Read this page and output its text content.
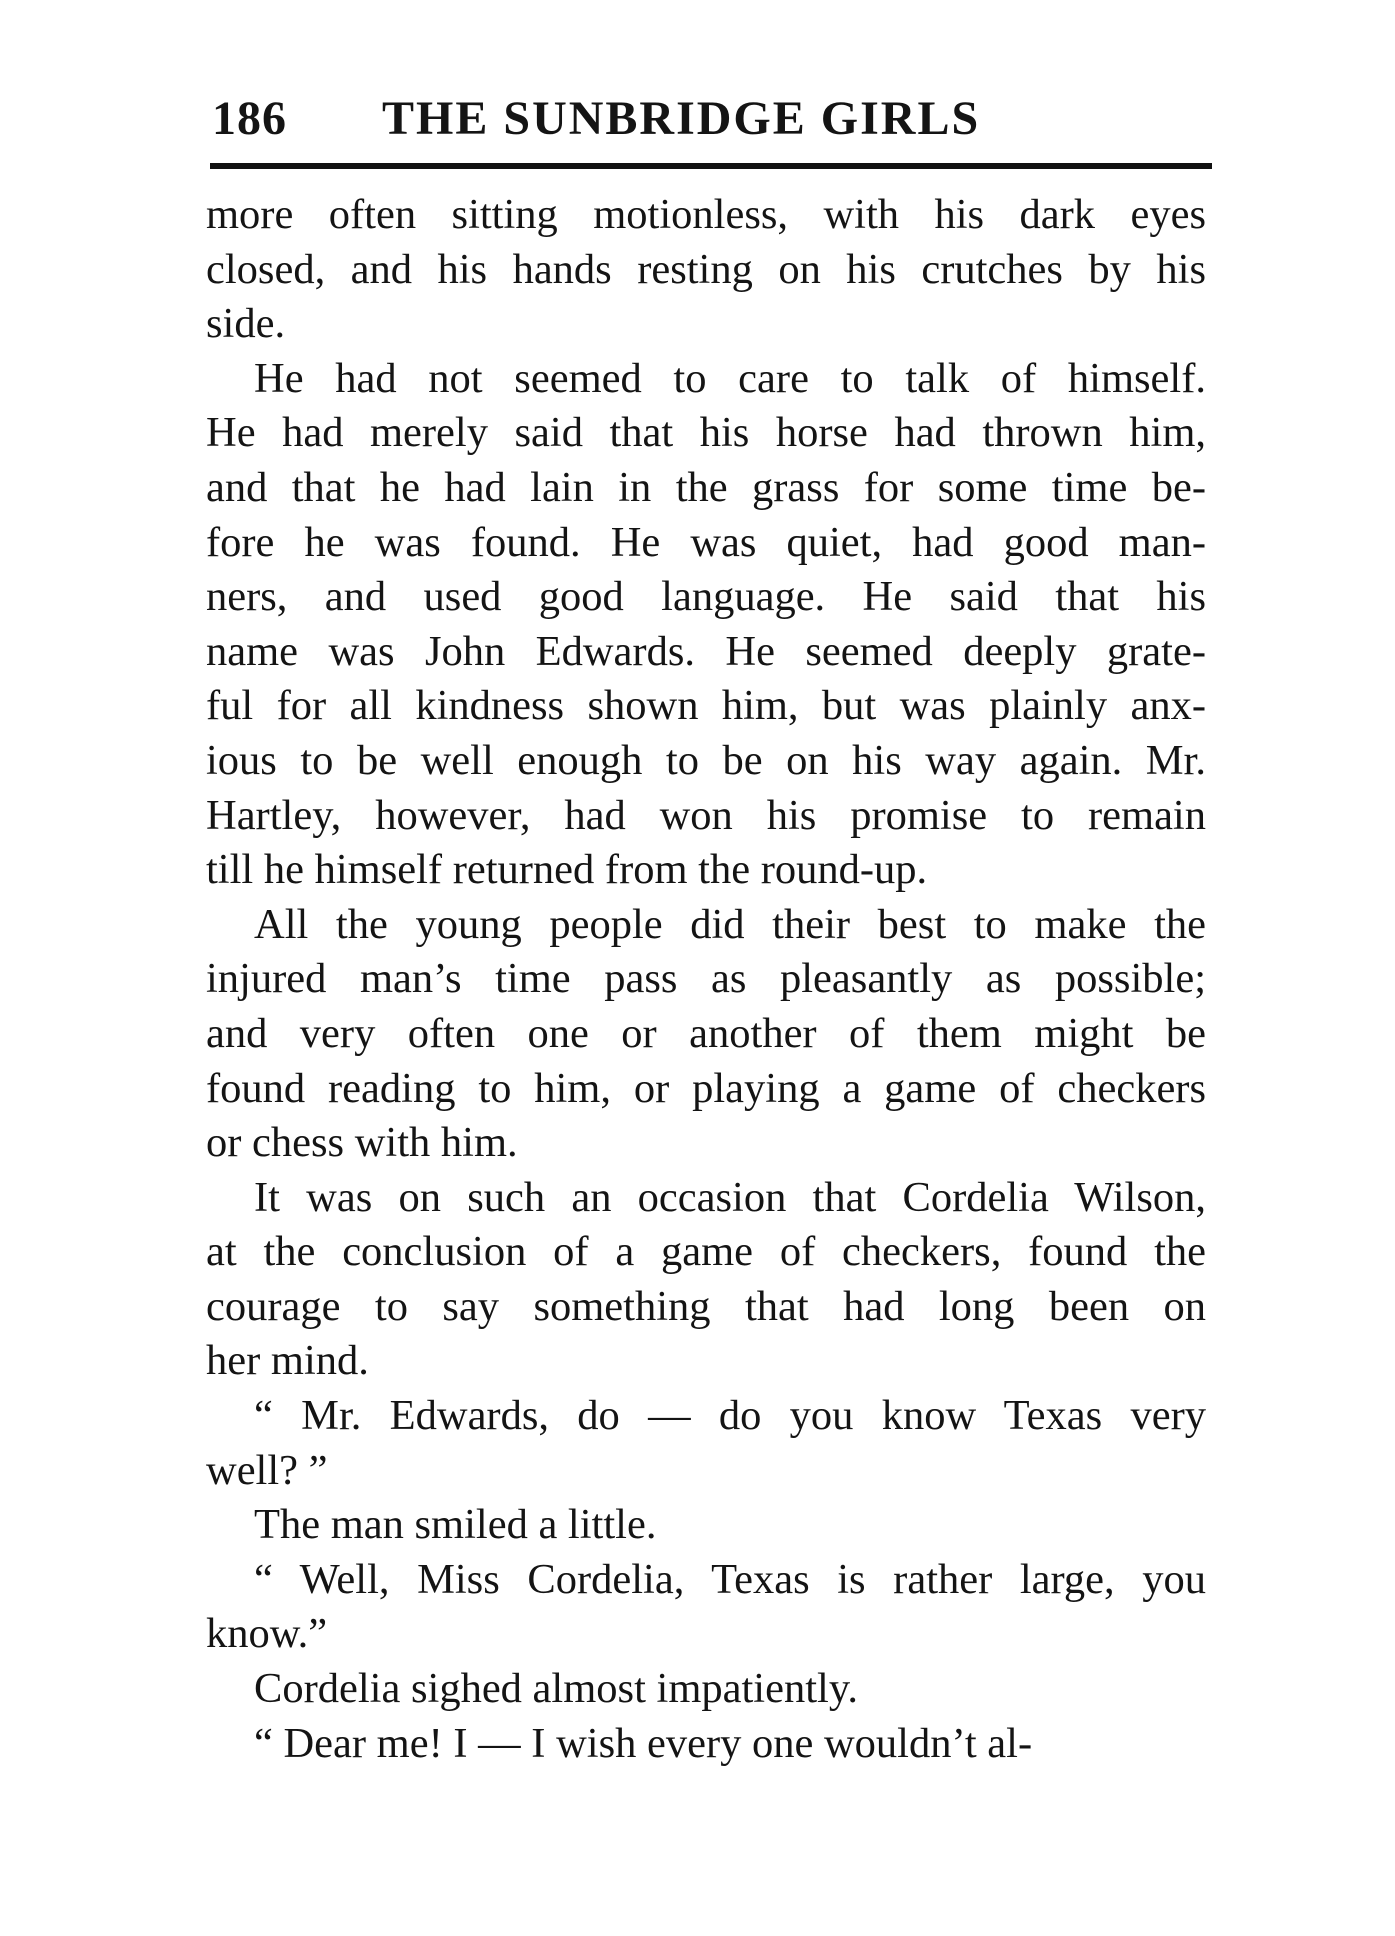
186 THE SUNBRIDGE GIRLS

more often sitting motionless, with his dark eyes
closed, and his hands resting on his crutches by his
side.

He had not seemed to care to talk of himself.
He had merely said that his horse had thrown him,
and that he had lain in the grass for some time be-
fore he was found. He was quiet, had good man-
ners, and used good language. He said that his
name was John Edwards. He seemed deeply grate-
ful for all kindness shown him, but was plainly anx-
ious to be well enough to be on his way again. Mr.
Hartley, however, had won his promise to remain
till he himself returned from the round-up.

All the young people did their best to make the
injured man’s time pass as pleasantly as possible;
and very often one or another of them might be
found reading to him, or playing a game of checkers
or chess with him.

It was on such an occasion that Cordelia Wilson,
at the conclusion of a game of checkers, found the
courage to say something that had long been on
her mind.

“ Mr. Edwards, do — do you know Texas very
well? ”

The man smiled a little.

“ Well, Miss Cordelia, Texas is rather large, you
know.”

Cordelia sighed almost impatiently.

“ Dear me! I — I wish every one wouldn’t al-
